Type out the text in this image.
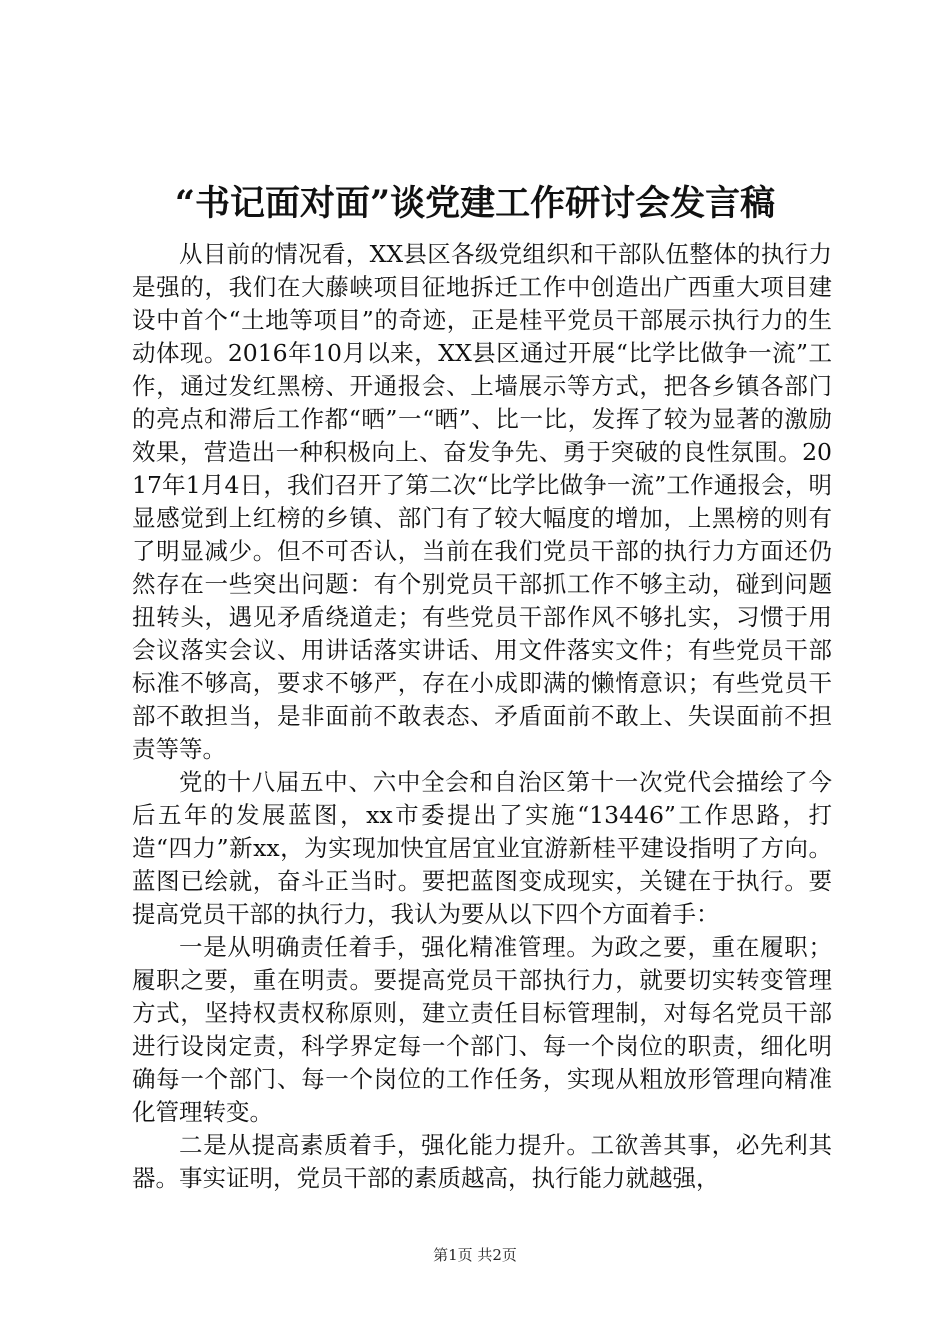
“书记面对面”谈党建工作研讨会发言稿

从目前的情况看，XX县区各级党组织和干部队伍整体的执行力是强的，我们在大藤峡项目征地拆迁工作中创造出广西重大项目建设中首个“土地等项目”的奇迹，正是桂平党员干部展示执行力的生动体现。2016年10月以来，XX县区通过开展“比学比做争一流”工作，通过发红黑榜、开通报会、上墙展示等方式，把各乡镇各部门的亮点和滞后工作都“晒”一“晒”、比一比，发挥了较为显著的激励效果，营造出一种积极向上、奋发争先、勇于突破的良性氛围。2017年1月4日，我们召开了第二次“比学比做争一流”工作通报会，明显感觉到上红榜的乡镇、部门有了较大幅度的增加，上黑榜的则有了明显减少。但不可否认，当前在我们党员干部的执行力方面还仍然存在一些突出问题：有个别党员干部抓工作不够主动，碰到问题扭转头，遇见矛盾绕道走；有些党员干部作风不够扎实，习惯于用会议落实会议、用讲话落实讲话、用文件落实文件；有些党员干部标准不够高，要求不够严，存在小成即满的懒惰意识；有些党员干部不敢担当，是非面前不敢表态、矛盾面前不敢上、失误面前不担责等等。

党的十八届五中、六中全会和自治区第十一次党代会描绘了今后五年的发展蓝图，xx市委提出了实施“13446”工作思路，打造“四力”新xx，为实现加快宜居宜业宜游新桂平建设指明了方向。蓝图已绘就，奋斗正当时。要把蓝图变成现实，关键在于执行。要提高党员干部的执行力，我认为要从以下四个方面着手：

一是从明确责任着手，强化精准管理。为政之要，重在履职；履职之要，重在明责。要提高党员干部执行力，就要切实转变管理方式，坚持权责权称原则，建立责任目标管理制，对每名党员干部进行设岗定责，科学界定每一个部门、每一个岗位的职责，细化明确每一个部门、每一个岗位的工作任务，实现从粗放形管理向精准化管理转变。

二是从提高素质着手，强化能力提升。工欲善其事，必先利其器。事实证明，党员干部的素质越高，执行能力就越强，

第1页 共2页
